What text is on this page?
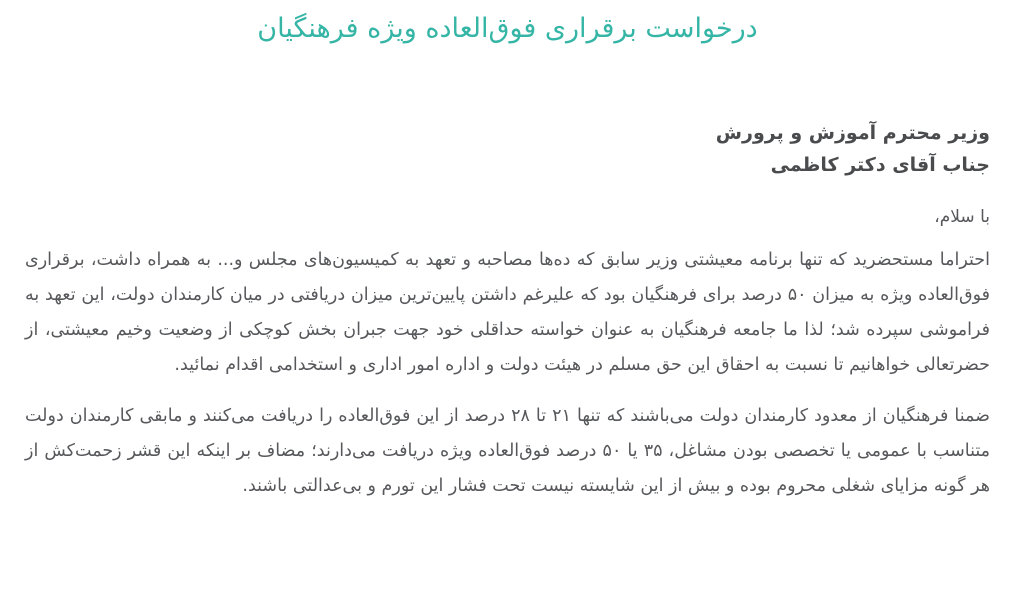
درخواست برقراری فوق‌العاده ویژه فرهنگیان
وزیر محترم آموزش و پرورش
جناب آقای دکتر کاظمی
با سلام،

احتراما مستحضرید که تنها برنامه معیشتی وزیر سابق که ده‌ها مصاحبه و تعهد به کمیسیون‌های مجلس و... به همراه داشت، برقراری فوق‌العاده ویژه به میزان ۵۰ درصد برای فرهنگیان بود که علیرغم داشتن پایین‌ترین میزان دریافتی در میان کارمندان دولت، این تعهد به فراموشی سپرده شد؛ لذا ما جامعه فرهنگیان به عنوان خواسته حداقلی خود جهت جبران بخش کوچکی از وضعیت وخیم معیشتی، از حضرتعالی خواهانیم تا نسبت به احقاق این حق مسلم در هیئت دولت و اداره امور اداری و استخدامی اقدام نمائید.

ضمنا فرهنگیان از معدود کارمندان دولت می‌باشند که تنها ۲۱ تا ۲۸ درصد از این فوق‌العاده را دریافت می‌کنند و مابقی کارمندان دولت متناسب با عمومی یا تخصصی بودن مشاغل، ۳۵ یا ۵۰ درصد فوق‌العاده ویژه دریافت می‌دارند؛ مضاف بر اینکه این قشر زحمت‌کش از هر گونه مزایای شغلی محروم بوده و بیش از این شایسته نیست تحت فشار این تورم و بی‌عدالتی باشند.
